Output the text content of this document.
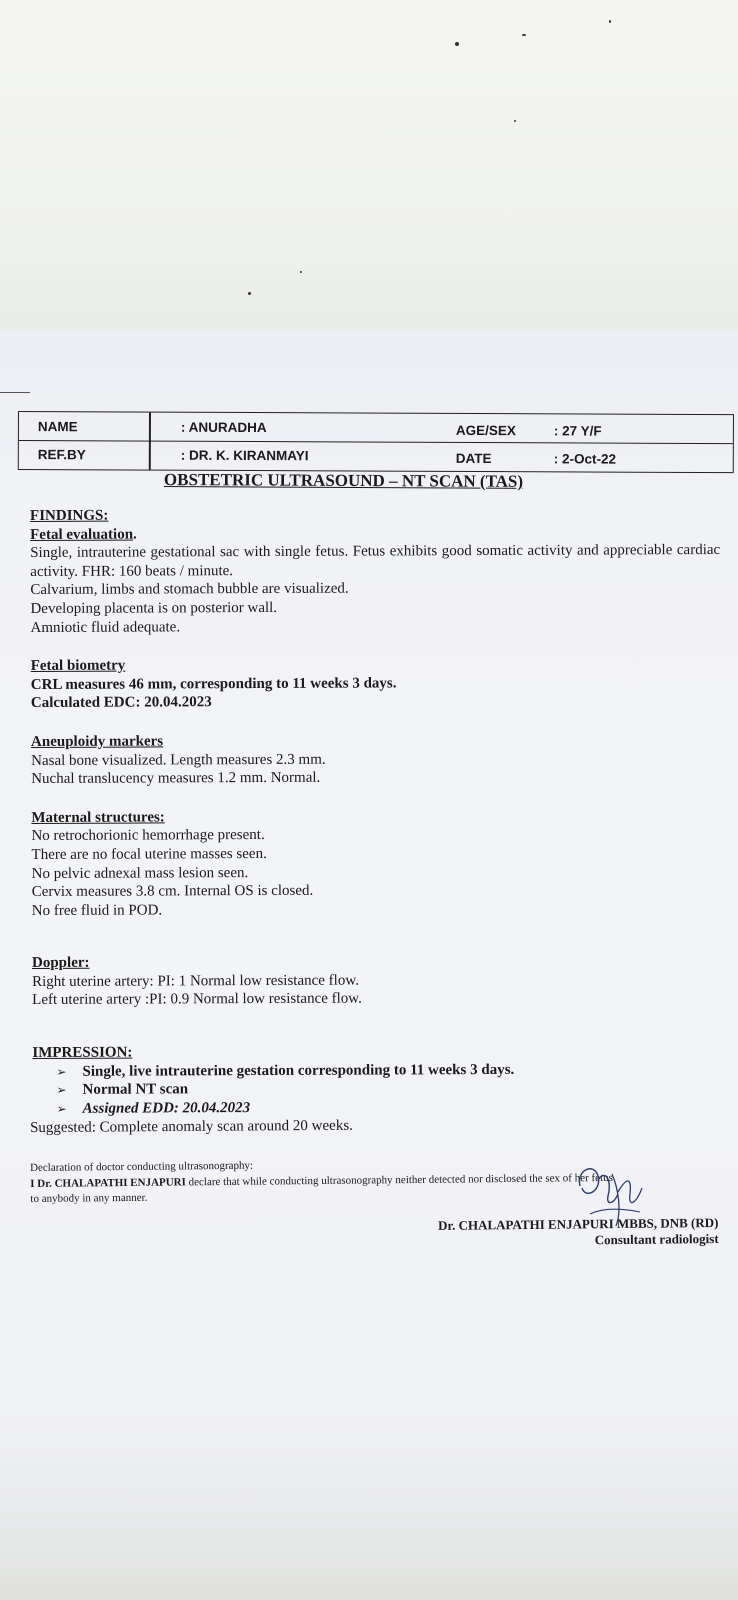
NAME	: ANURADHA	AGE/SEX	: 27 Y/F
REF.BY	: DR. K. KIRANMAYI	DATE	: 2-Oct-22
OBSTETRIC ULTRASOUND – NT SCAN (TAS)
FINDINGS:
Fetal evaluation.
Single, intrauterine gestational sac with single fetus. Fetus exhibits good somatic activity and appreciable cardiac activity. FHR: 160 beats / minute.
Calvarium, limbs and stomach bubble are visualized.
Developing placenta is on posterior wall.
Amniotic fluid adequate.
Fetal biometry
CRL measures 46 mm, corresponding to 11 weeks 3 days.
Calculated EDC: 20.04.2023
Aneuploidy markers
Nasal bone visualized. Length measures 2.3 mm.
Nuchal translucency measures 1.2 mm. Normal.
Maternal structures:
No retrochorionic hemorrhage present.
There are no focal uterine masses seen.
No pelvic adnexal mass lesion seen.
Cervix measures 3.8 cm. Internal OS is closed.
No free fluid in POD.
Doppler:
Right uterine artery: PI: 1 Normal low resistance flow.
Left uterine artery :PI: 0.9 Normal low resistance flow.
IMPRESSION:
➢ Single, live intrauterine gestation corresponding to 11 weeks 3 days.
➢ Normal NT scan
➢ Assigned EDD: 20.04.2023
Suggested: Complete anomaly scan around 20 weeks.
Declaration of doctor conducting ultrasonography:
I Dr. CHALAPATHI ENJAPURI declare that while conducting ultrasonography neither detected nor disclosed the sex of her fetus
to anybody in any manner.
Dr. CHALAPATHI ENJAPURI MBBS, DNB (RD)
Consultant radiologist
